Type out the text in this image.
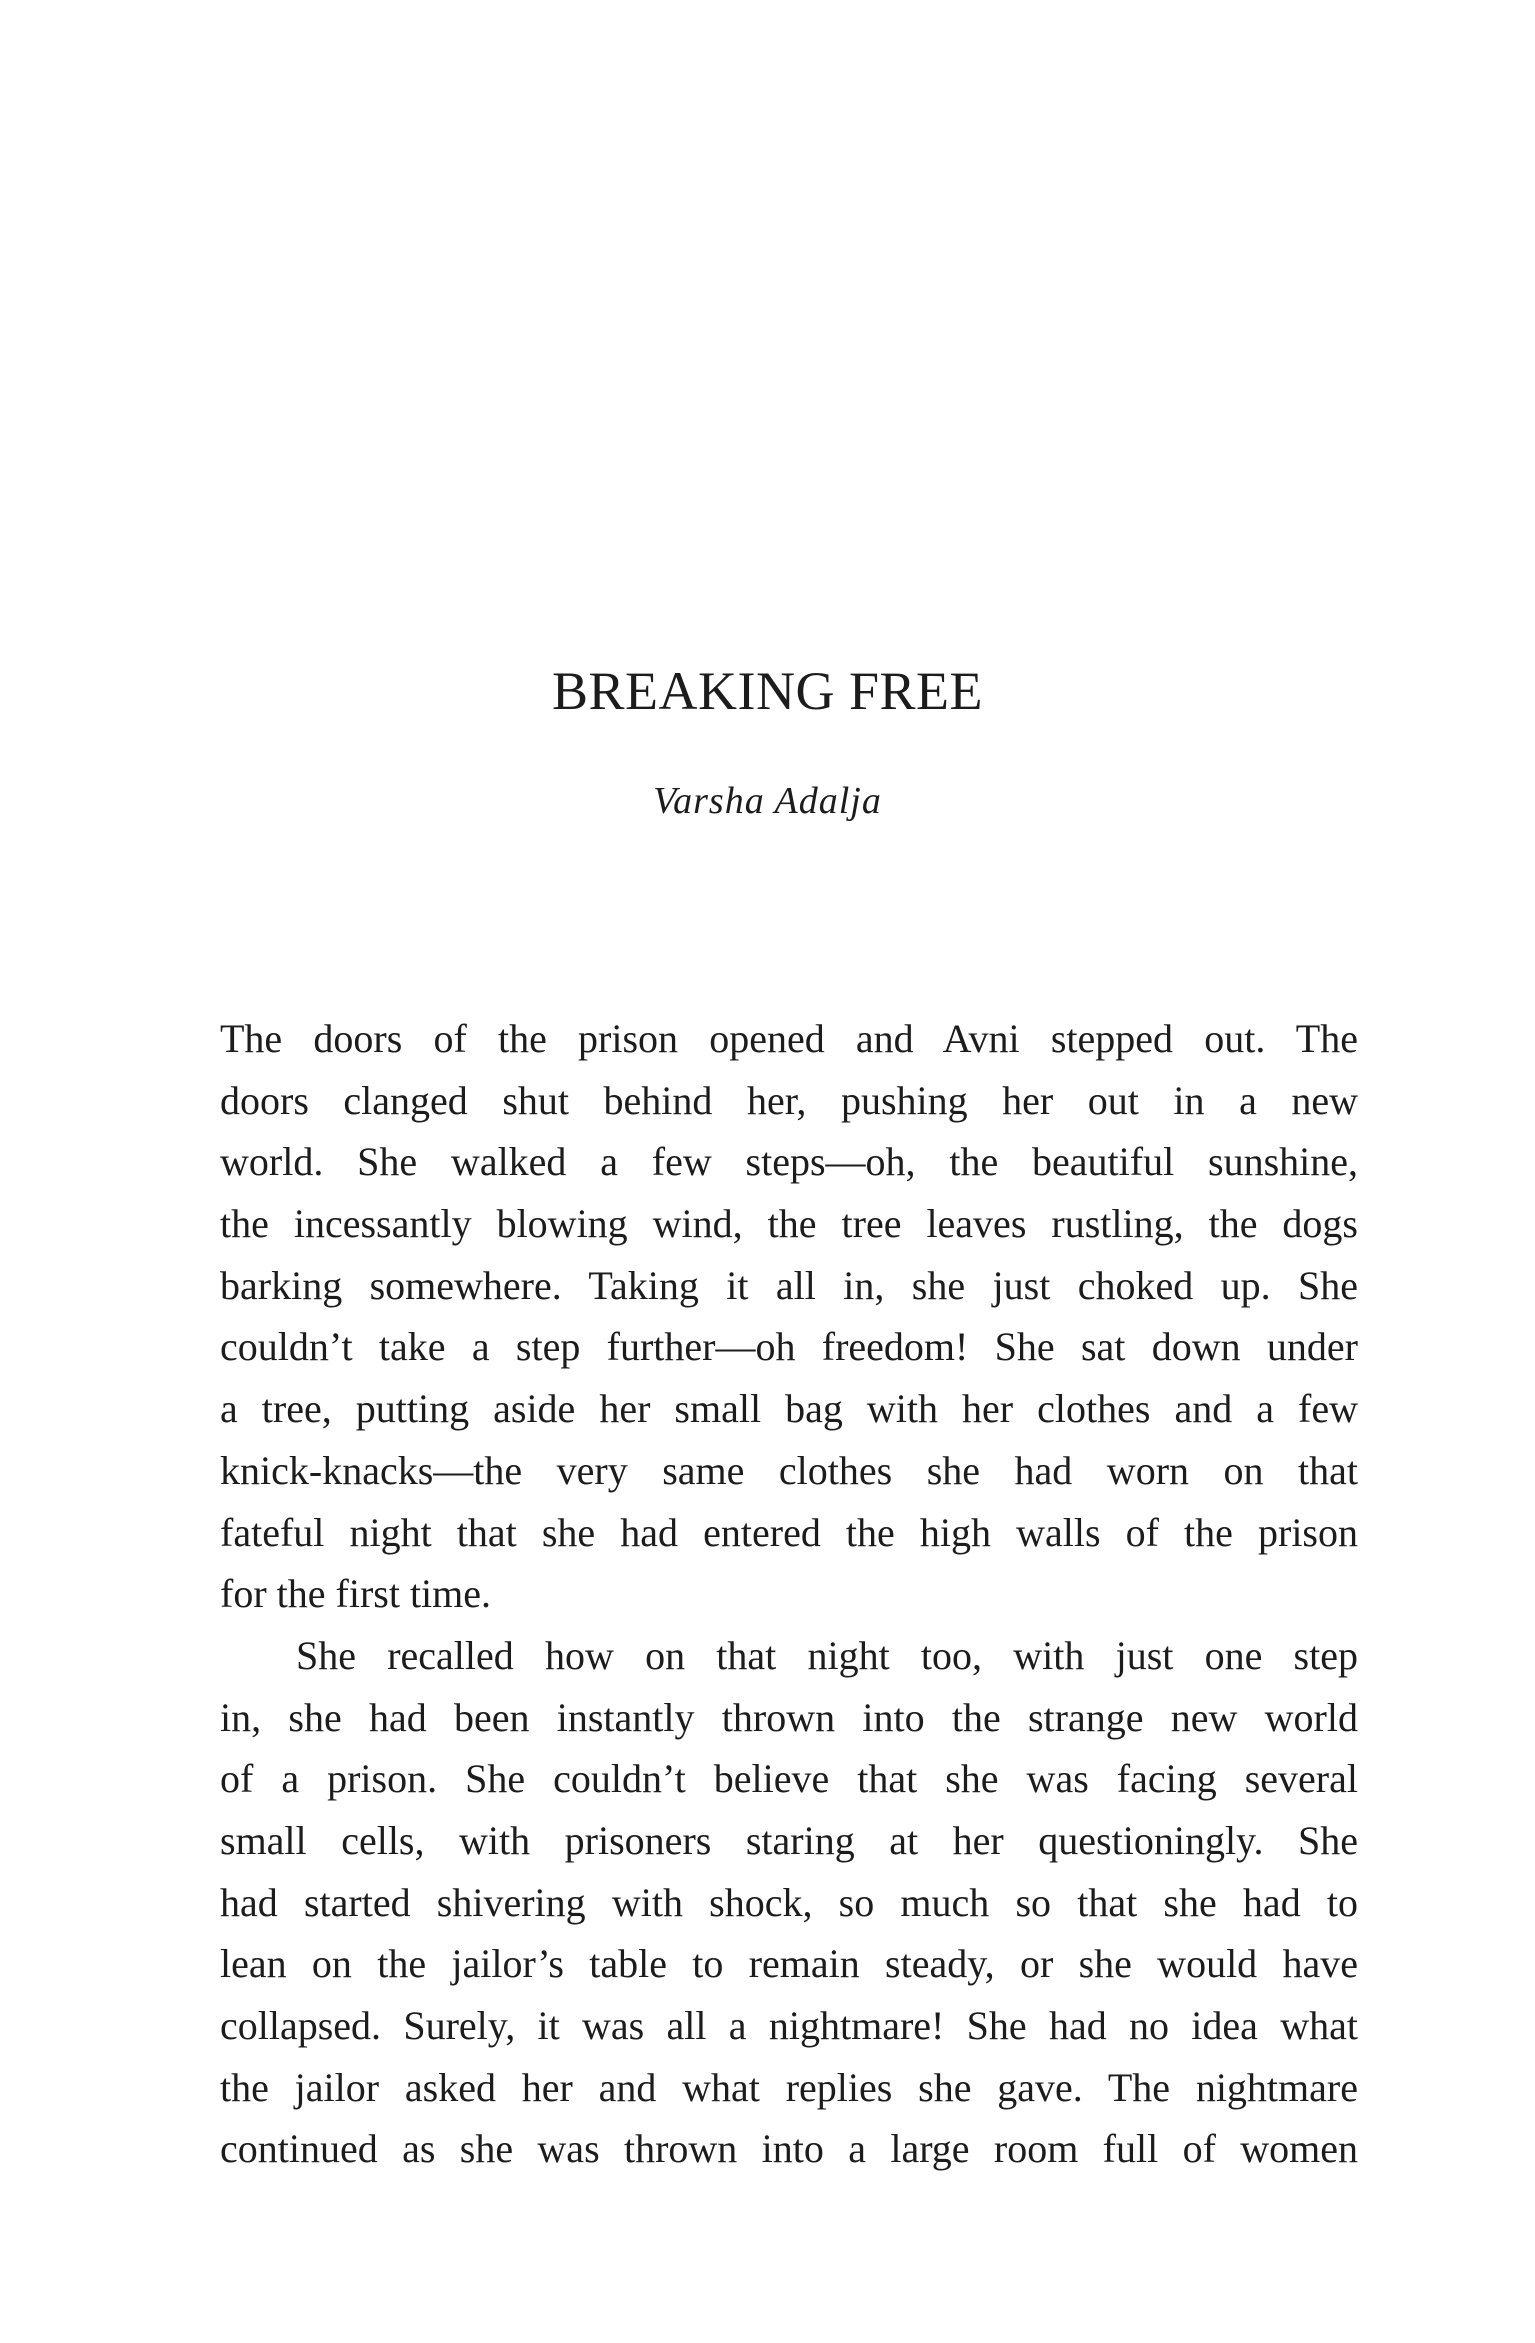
BREAKING FREE
Varsha Adalja
The doors of the prison opened and Avni stepped out. The
doors clanged shut behind her, pushing her out in a new
world. She walked a few steps—oh, the beautiful sunshine,
the incessantly blowing wind, the tree leaves rustling, the dogs
barking somewhere. Taking it all in, she just choked up. She
couldn’t take a step further—oh freedom! She sat down under
a tree, putting aside her small bag with her clothes and a few
knick-knacks—the very same clothes she had worn on that
fateful night that she had entered the high walls of the prison
for the first time.
She recalled how on that night too, with just one step
in, she had been instantly thrown into the strange new world
of a prison. She couldn’t believe that she was facing several
small cells, with prisoners staring at her questioningly. She
had started shivering with shock, so much so that she had to
lean on the jailor’s table to remain steady, or she would have
collapsed. Surely, it was all a nightmare! She had no idea what
the jailor asked her and what replies she gave. The nightmare
continued as she was thrown into a large room full of women
